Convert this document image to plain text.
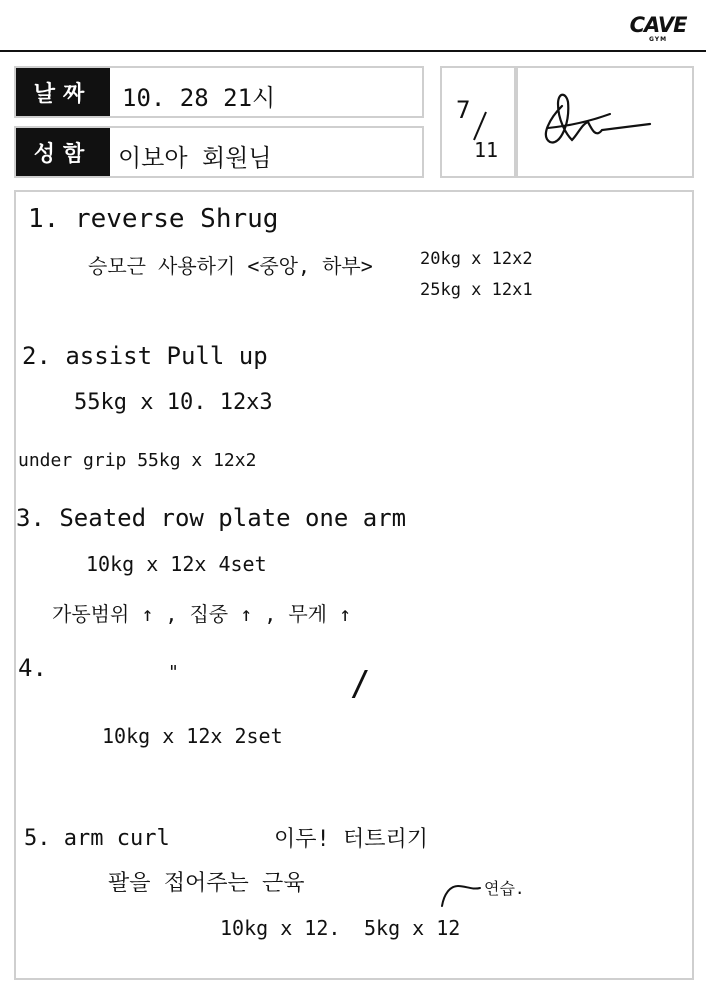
CAVE
GYM
날짜	10. 28 21시
성함	이보아 회원님
7
11
1. reverse Shrug
승모근 사용하기 <중앙, 하부>	20kg x 12x2
25kg x 12x1
2. assist Pull up
55kg x 10. 12x3
under grip 55kg x 12x2
3. Seated row plate one arm
10kg x 12x 4set
가동범위 ↑ , 집중 ↑ , 무게 ↑
4.	"	/
10kg x 12x 2set
5. arm curl	이두! 터트리기
팔을 접어주는 근육
10kg x 12. 5kg x 12
연습.
